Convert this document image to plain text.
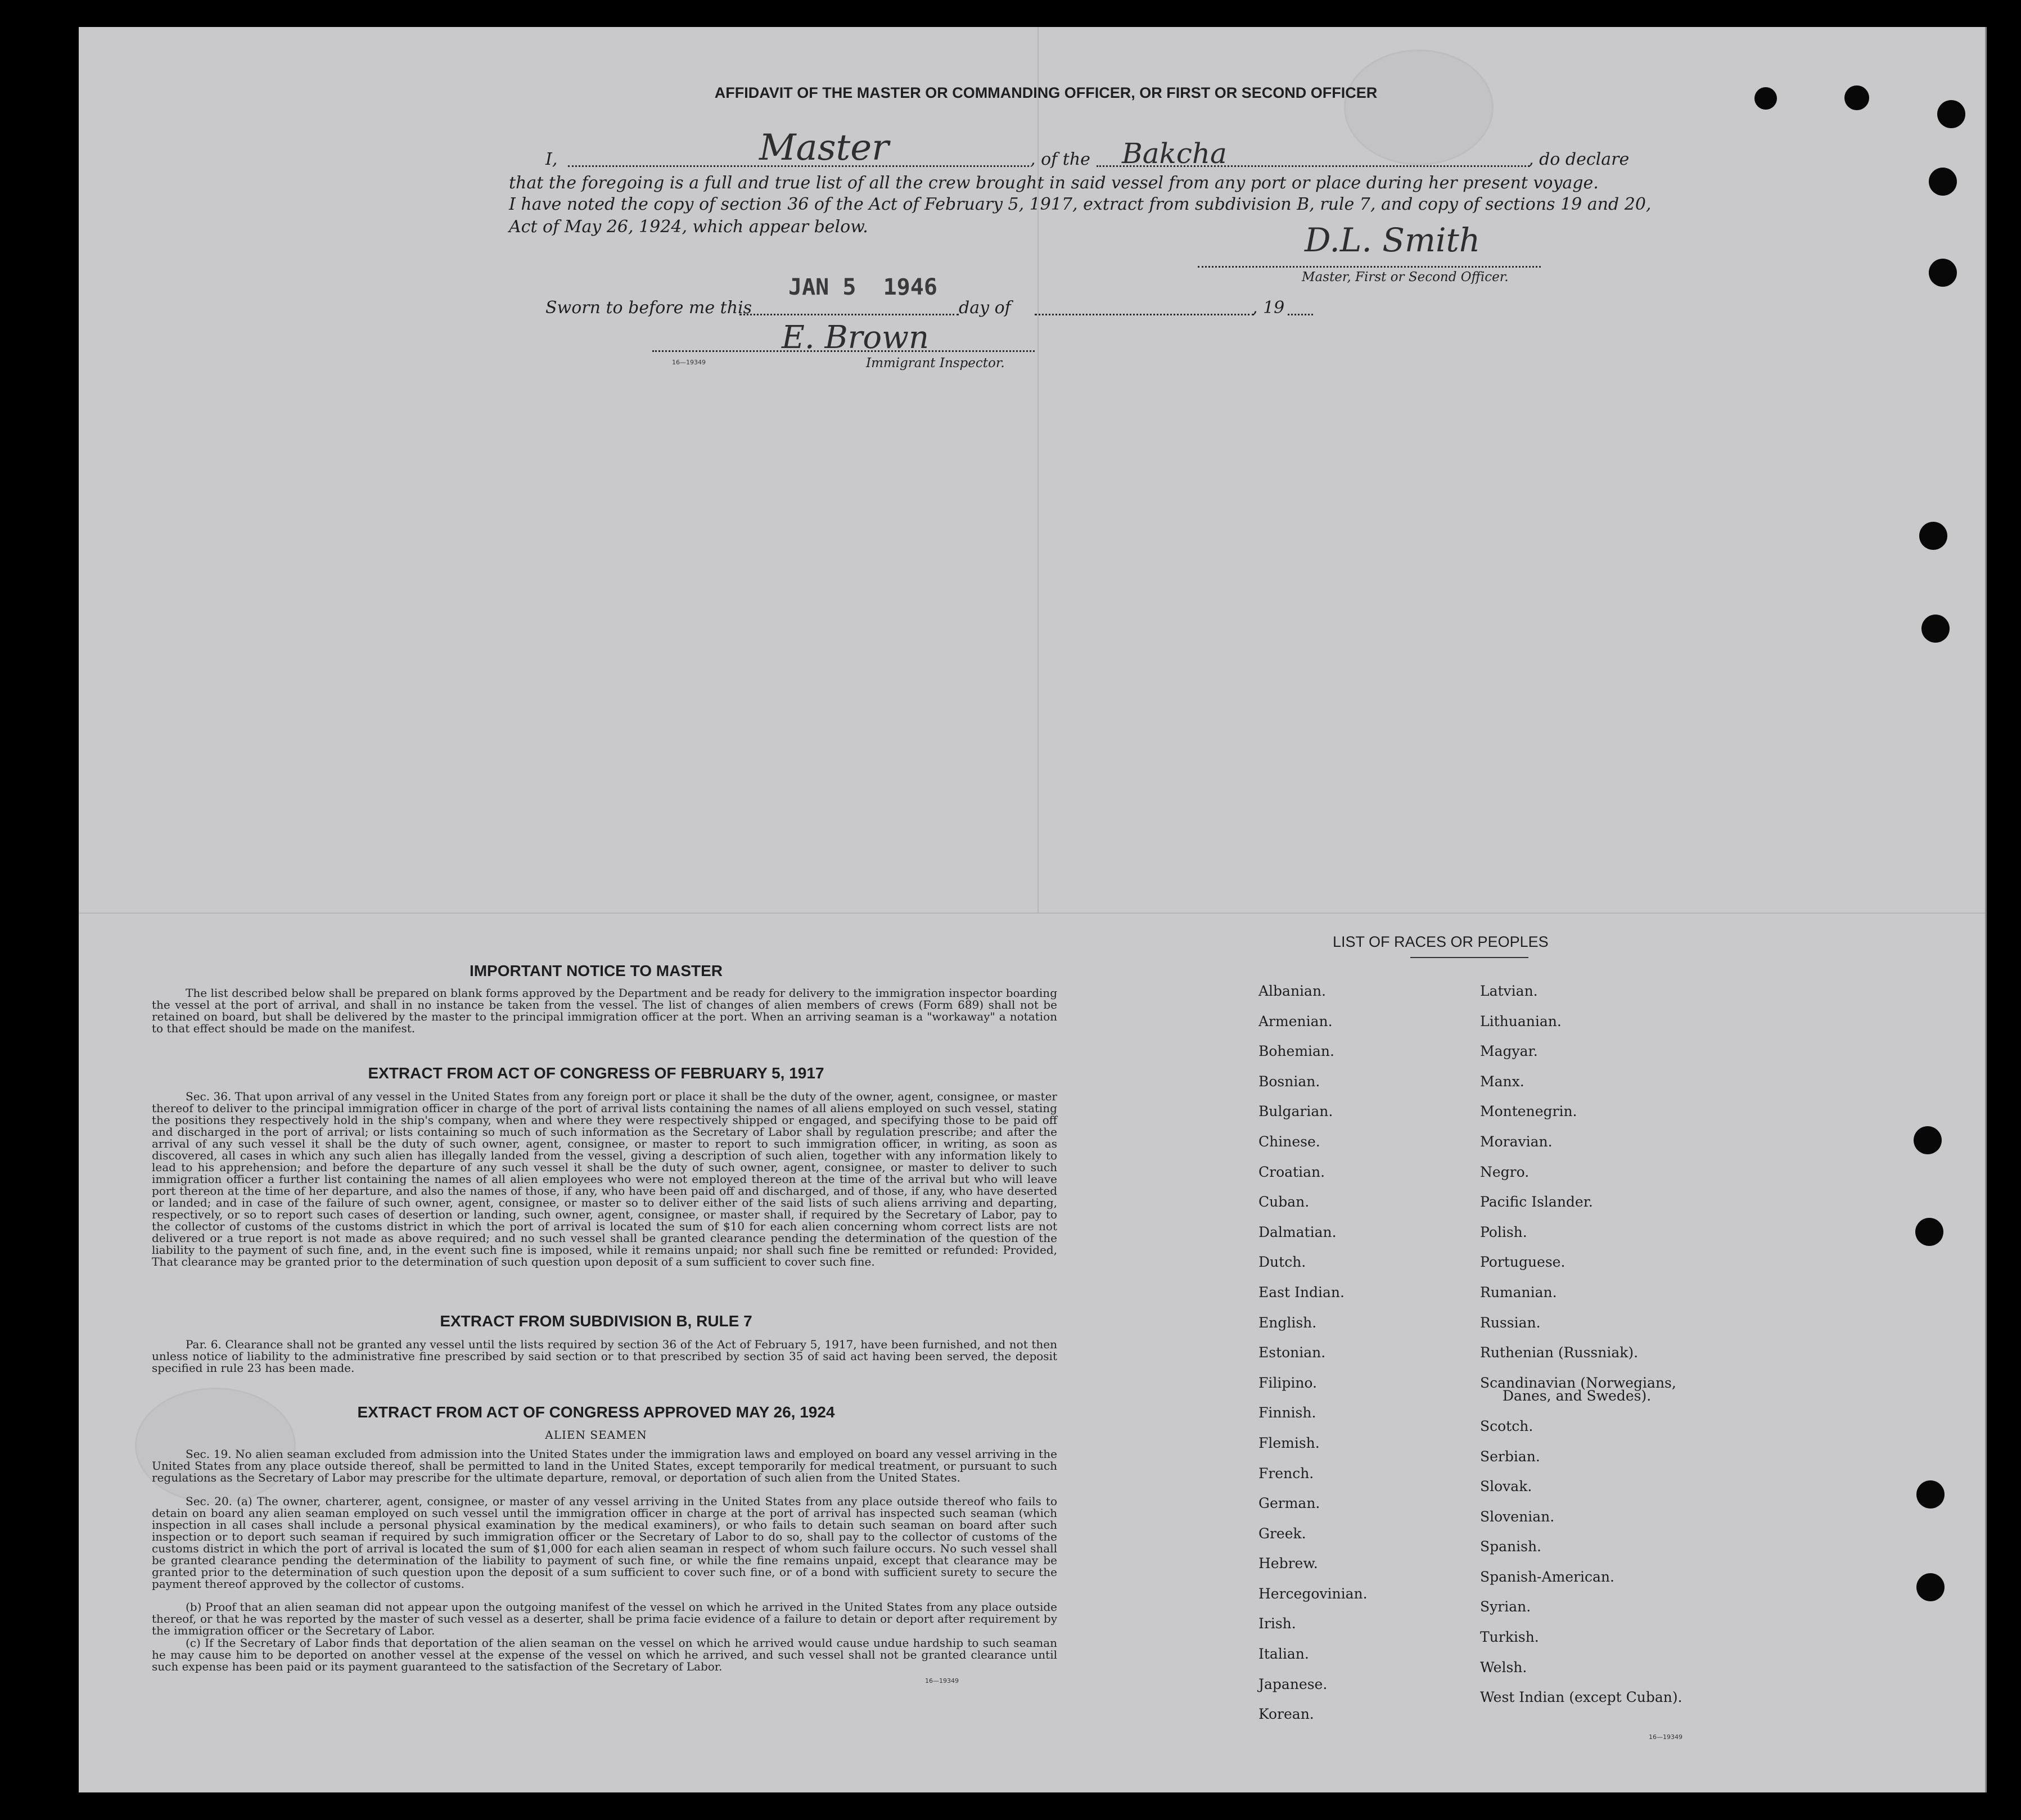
AFFIDAVIT OF THE MASTER OR COMMANDING OFFICER, OR FIRST OR SECOND OFFICER
I,	Master	, of the Bakcha	, do declare
that the foregoing is a full and true list of all the crew brought in said vessel from any port or place during her present voyage.
I have noted the copy of section 36 of the Act of February 5, 1917, extract from subdivision B, rule 7, and copy of sections 19 and 20,
Act of May 26, 1924, which appear below.	D.L. Smith
Master, First or Second Officer.
Sworn to before me this
JAN 5  1946
day of	, 19
E. Brown
16—19349	Immigrant Inspector.
IMPORTANT NOTICE TO MASTER
The list described below shall be prepared on blank forms approved by the Department and be ready for delivery to the immigration inspector boarding the vessel at the port of arrival, and shall in no instance be taken from the vessel. The list of changes of alien members of crews (Form 689) shall not be retained on board, but shall be delivered by the master to the principal immigration officer at the port. When an arriving seaman is a "workaway" a notation to that effect should be made on the manifest.
EXTRACT FROM ACT OF CONGRESS OF FEBRUARY 5, 1917
Sec. 36. That upon arrival of any vessel in the United States from any foreign port or place it shall be the duty of the owner, agent, consignee, or master thereof to deliver to the principal immigration officer in charge of the port of arrival lists containing the names of all aliens employed on such vessel, stating the positions they respectively hold in the ship's company, when and where they were respectively shipped or engaged, and specifying those to be paid off and discharged in the port of arrival; or lists containing so much of such information as the Secretary of Labor shall by regulation prescribe; and after the arrival of any such vessel it shall be the duty of such owner, agent, consignee, or master to report to such immigration officer, in writing, as soon as discovered, all cases in which any such alien has illegally landed from the vessel, giving a description of such alien, together with any information likely to lead to his apprehension; and before the departure of any such vessel it shall be the duty of such owner, agent, consignee, or master to deliver to such immigration officer a further list containing the names of all alien employees who were not employed thereon at the time of the arrival but who will leave port thereon at the time of her departure, and also the names of those, if any, who have been paid off and discharged, and of those, if any, who have deserted or landed; and in case of the failure of such owner, agent, consignee, or master so to deliver either of the said lists of such aliens arriving and departing, respectively, or so to report such cases of desertion or landing, such owner, agent, consignee, or master shall, if required by the Secretary of Labor, pay to the collector of customs of the customs district in which the port of arrival is located the sum of $10 for each alien concerning whom correct lists are not delivered or a true report is not made as above required; and no such vessel shall be granted clearance pending the determination of the question of the liability to the payment of such fine, and, in the event such fine is imposed, while it remains unpaid; nor shall such fine be remitted or refunded: Provided, That clearance may be granted prior to the determination of such question upon deposit of a sum sufficient to cover such fine.
EXTRACT FROM SUBDIVISION B, RULE 7
Par. 6. Clearance shall not be granted any vessel until the lists required by section 36 of the Act of February 5, 1917, have been furnished, and not then unless notice of liability to the administrative fine prescribed by said section or to that prescribed by section 35 of said act having been served, the deposit specified in rule 23 has been made.
EXTRACT FROM ACT OF CONGRESS APPROVED MAY 26, 1924
ALIEN SEAMEN
Sec. 19. No alien seaman excluded from admission into the United States under the immigration laws and employed on board any vessel arriving in the United States from any place outside thereof, shall be permitted to land in the United States, except temporarily for medical treatment, or pursuant to such regulations as the Secretary of Labor may prescribe for the ultimate departure, removal, or deportation of such alien from the United States.
Sec. 20. (a) The owner, charterer, agent, consignee, or master of any vessel arriving in the United States from any place outside thereof who fails to detain on board any alien seaman employed on such vessel until the immigration officer in charge at the port of arrival has inspected such seaman (which inspection in all cases shall include a personal physical examination by the medical examiners), or who fails to detain such seaman on board after such inspection or to deport such seaman if required by such immigration officer or the Secretary of Labor to do so, shall pay to the collector of customs of the customs district in which the port of arrival is located the sum of $1,000 for each alien seaman in respect of whom such failure occurs. No such vessel shall be granted clearance pending the determination of the liability to payment of such fine, or while the fine remains unpaid, except that clearance may be granted prior to the determination of such question upon the deposit of a sum sufficient to cover such fine, or of a bond with sufficient surety to secure the payment thereof approved by the collector of customs.
(b) Proof that an alien seaman did not appear upon the outgoing manifest of the vessel on which he arrived in the United States from any place outside thereof, or that he was reported by the master of such vessel as a deserter, shall be prima facie evidence of a failure to detain or deport after requirement by the immigration officer or the Secretary of Labor.
(c) If the Secretary of Labor finds that deportation of the alien seaman on the vessel on which he arrived would cause undue hardship to such seaman he may cause him to be deported on another vessel at the expense of the vessel on which he arrived, and such vessel shall not be granted clearance until such expense has been paid or its payment guaranteed to the satisfaction of the Secretary of Labor.
16—19349
LIST OF RACES OR PEOPLES
Albanian.
Armenian.
Bohemian.
Bosnian.
Bulgarian.
Chinese.
Croatian.
Cuban.
Dalmatian.
Dutch.
East Indian.
English.
Estonian.
Filipino.
Finnish.
Flemish.
French.
German.
Greek.
Hebrew.
Hercegovinian.
Irish.
Italian.
Japanese.
Korean.
Latvian.
Lithuanian.
Magyar.
Manx.
Montenegrin.
Moravian.
Negro.
Pacific Islander.
Polish.
Portuguese.
Rumanian.
Russian.
Ruthenian (Russniak).
Scandinavian (Norwegians,
Danes, and Swedes).
Scotch.
Serbian.
Slovak.
Slovenian.
Spanish.
Spanish-American.
Syrian.
Turkish.
Welsh.
West Indian (except Cuban).
16—19349
